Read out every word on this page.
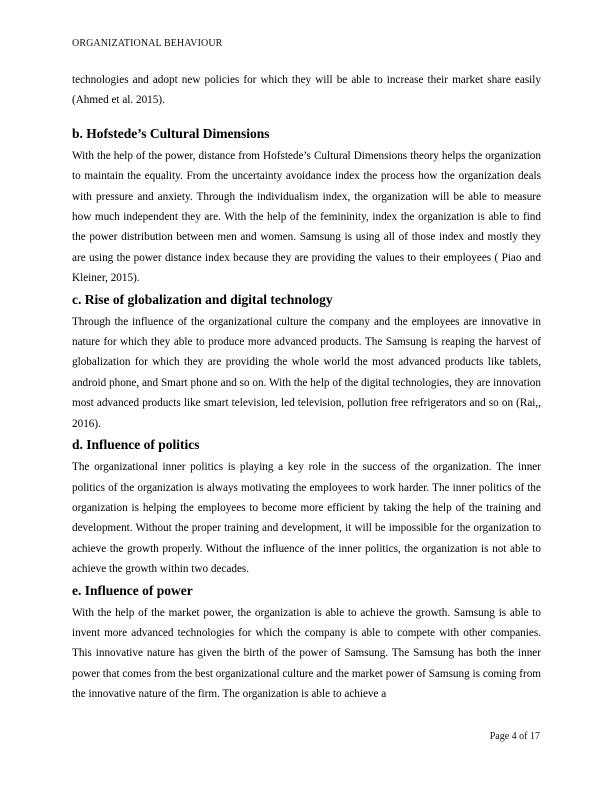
ORGANIZATIONAL BEHAVIOUR

technologies and adopt new policies for which they will be able to increase their market share easily (Ahmed et al. 2015).

b. Hofstede’s Cultural Dimensions

With the help of the power, distance from Hofstede’s Cultural Dimensions theory helps the organization to maintain the equality. From the uncertainty avoidance index the process how the organization deals with pressure and anxiety. Through the individualism index, the organization will be able to measure how much independent they are. With the help of the femininity, index the organization is able to find the power distribution between men and women. Samsung is using all of those index and mostly they are using the power distance index because they are providing the values to their employees ( Piao and Kleiner, 2015).

c. Rise of globalization and digital technology

Through the influence of the organizational culture the company and the employees are innovative in nature for which they able to produce more advanced products. The Samsung is reaping the harvest of globalization for which they are providing the whole world the most advanced products like tablets, android phone, and Smart phone and so on. With the help of the digital technologies, they are innovation most advanced products like smart television, led television, pollution free refrigerators and so on (Rai,, 2016).

d. Influence of politics

The organizational inner politics is playing a key role in the success of the organization. The inner politics of the organization is always motivating the employees to work harder. The inner politics of the organization is helping the employees to become more efficient by taking the help of the training and development. Without the proper training and development, it will be impossible for the organization to achieve the growth properly. Without the influence of the inner politics, the organization is not able to achieve the growth within two decades.

e. Influence of power

With the help of the market power, the organization is able to achieve the growth. Samsung is able to invent more advanced technologies for which the company is able to compete with other companies. This innovative nature has given the birth of the power of Samsung. The Samsung has both the inner power that comes from the best organizational culture and the market power of Samsung is coming from the innovative nature of the firm. The organization is able to achieve a

Page 4 of 17
